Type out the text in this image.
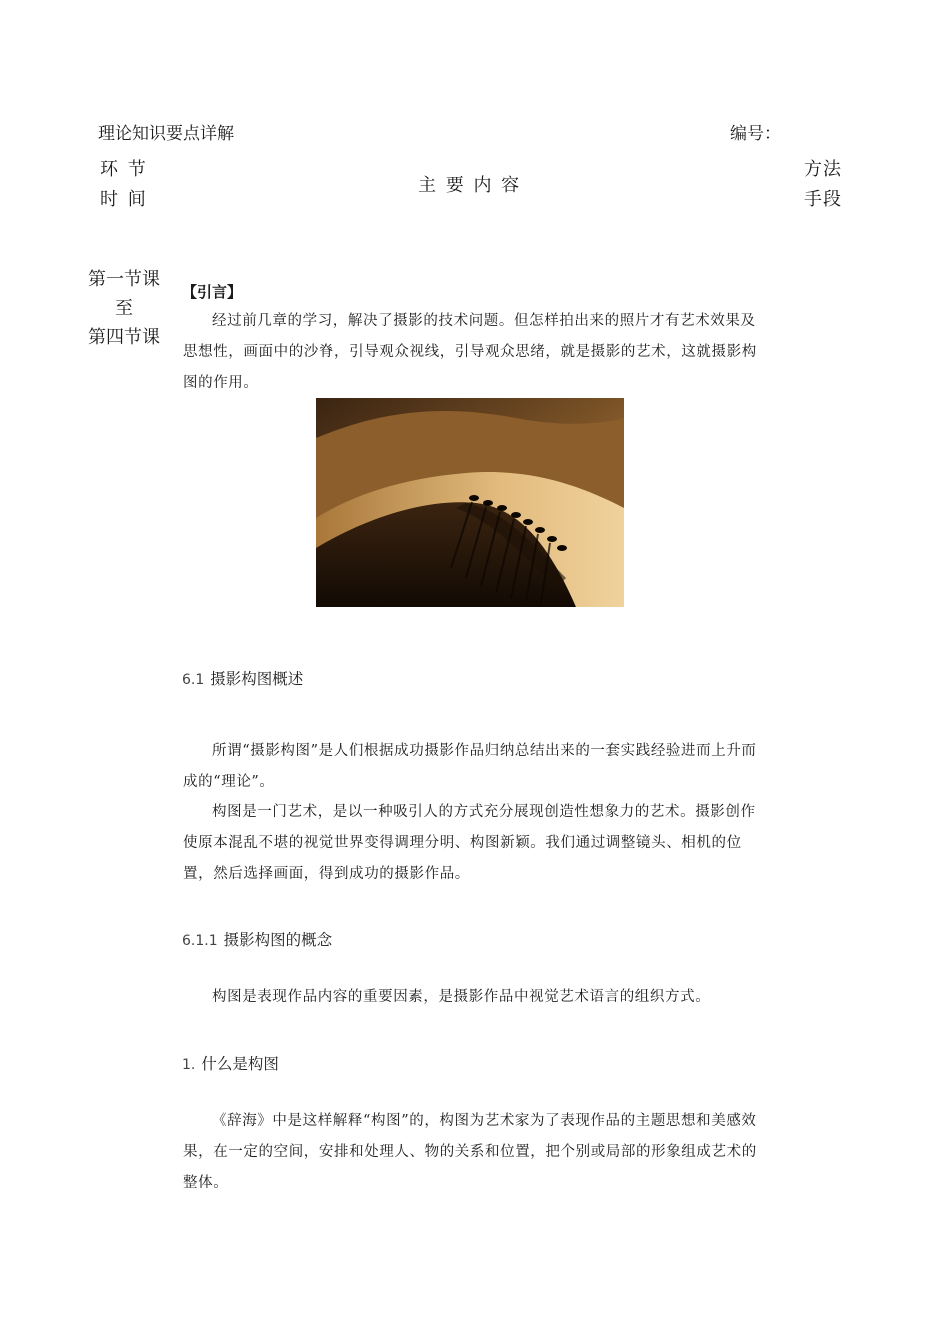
理论知识要点详解	编号：
环 节
时 间
主 要 内 容
方法
手段
第一节课
至
第四节课
【引言】

经过前几章的学习，解决了摄影的技术问题。但怎样拍出来的照片才有艺术效果及思想性，画面中的沙脊，引导观众视线，引导观众思绪，就是摄影的艺术，这就摄影构图的作用。

6.1 摄影构图概述

所谓“摄影构图”是人们根据成功摄影作品归纳总结出来的一套实践经验进而上升而成的“理论”。

构图是一门艺术，是以一种吸引人的方式充分展现创造性想象力的艺术。摄影创作使原本混乱不堪的视觉世界变得调理分明、构图新颖。我们通过调整镜头、相机的位置，然后选择画面，得到成功的摄影作品。

6.1.1 摄影构图的概念

构图是表现作品内容的重要因素，是摄影作品中视觉艺术语言的组织方式。

1. 什么是构图

《辞海》中是这样解释“构图”的，构图为艺术家为了表现作品的主题思想和美感效果，在一定的空间，安排和处理人、物的关系和位置，把个别或局部的形象组成艺术的整体。
